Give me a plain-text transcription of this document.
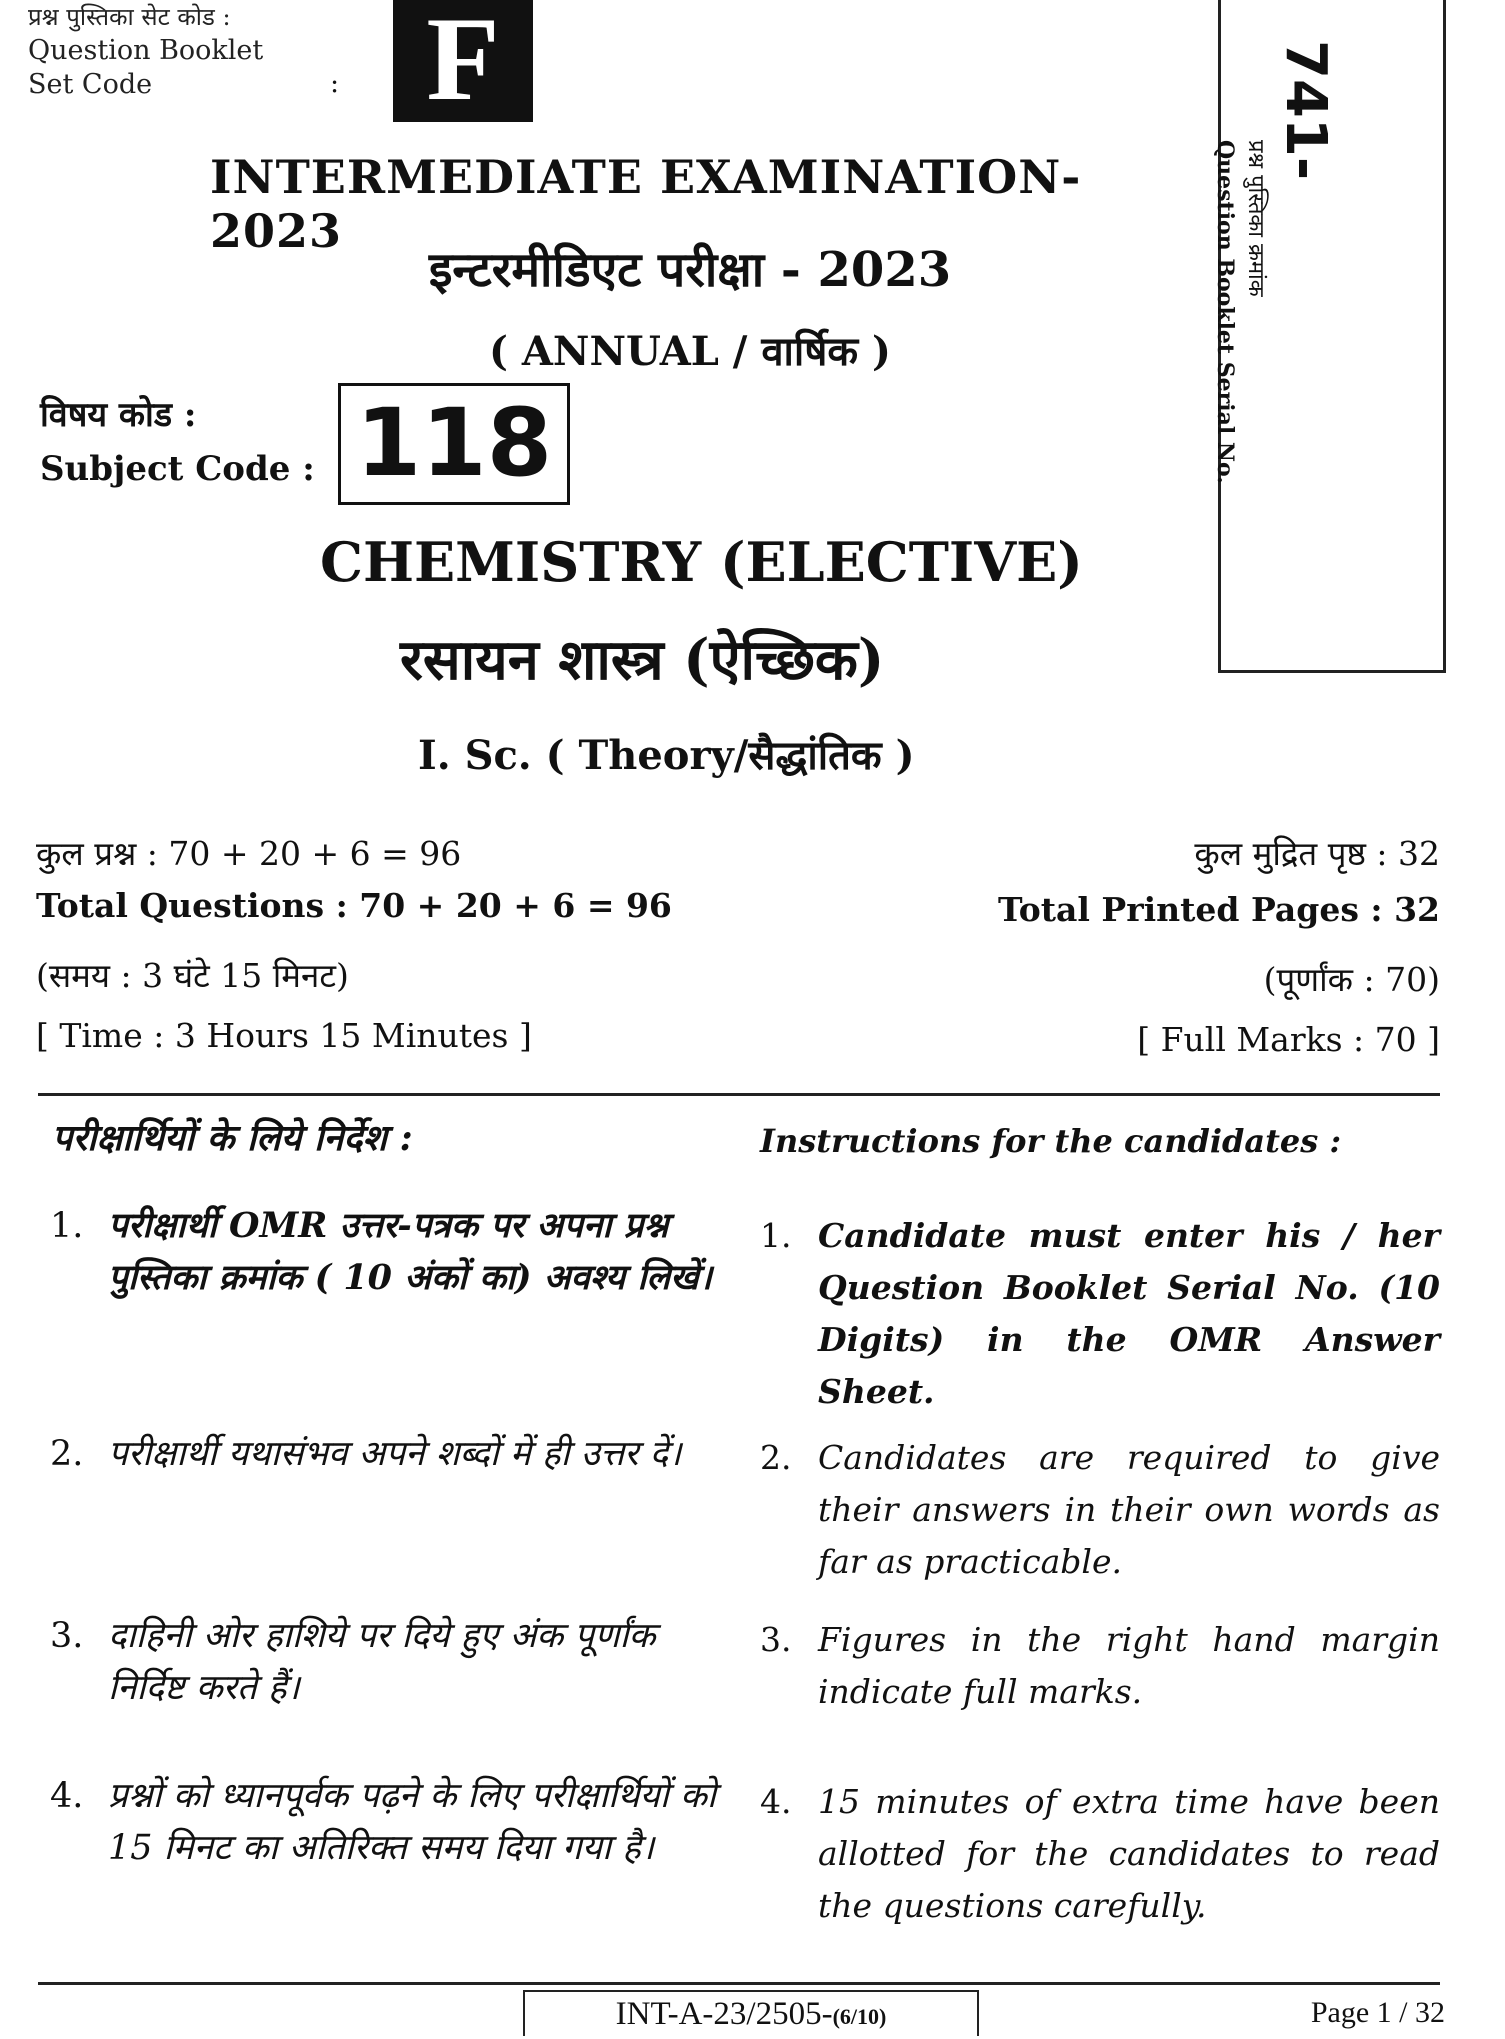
प्रश्न पुस्तिका सेट कोड :
Question Booklet
Set Code	: F	741-
प्रश्न पुस्तिका क्रमांक
Question Booklet Serial No.
INTERMEDIATE EXAMINATION-2023
इन्टरमीडिएट परीक्षा - 2023
( ANNUAL / वार्षिक )
विषय कोड :
Subject Code : 118
CHEMISTRY (ELECTIVE)
रसायन शास्त्र (ऐच्छिक)
I. Sc. ( Theory/सैद्धांतिक )
कुल प्रश्न : 70 + 20 + 6 = 96
Total Questions : 70 + 20 + 6 = 96
(समय : 3 घंटे 15 मिनट)
[ Time : 3 Hours 15 Minutes ]
कुल मुद्रित पृष्ठ : 32
Total Printed Pages : 32
(पूर्णांक : 70)
[ Full Marks : 70 ]
परीक्षार्थियों के लिये निर्देश :	Instructions for the candidates :
1. परीक्षार्थी OMR उत्तर-पत्रक पर अपना प्रश्न पुस्तिका क्रमांक ( 10 अंकों का) अवश्य लिखें।
2. परीक्षार्थी यथासंभव अपने शब्दों में ही उत्तर दें।
3. दाहिनी ओर हाशिये पर दिये हुए अंक पूर्णांक निर्दिष्ट करते हैं।
4. प्रश्नों को ध्यानपूर्वक पढ़ने के लिए परीक्षार्थियों को 15 मिनट का अतिरिक्त समय दिया गया है।
1. Candidate must enter his / her Question Booklet Serial No. (10 Digits) in the OMR Answer Sheet.
2. Candidates are required to give their answers in their own words as far as practicable.
3. Figures in the right hand margin indicate full marks.
4. 15 minutes of extra time have been allotted for the candidates to read the questions carefully.
INT-A-23/2505-(6/10)	Page 1 / 32
